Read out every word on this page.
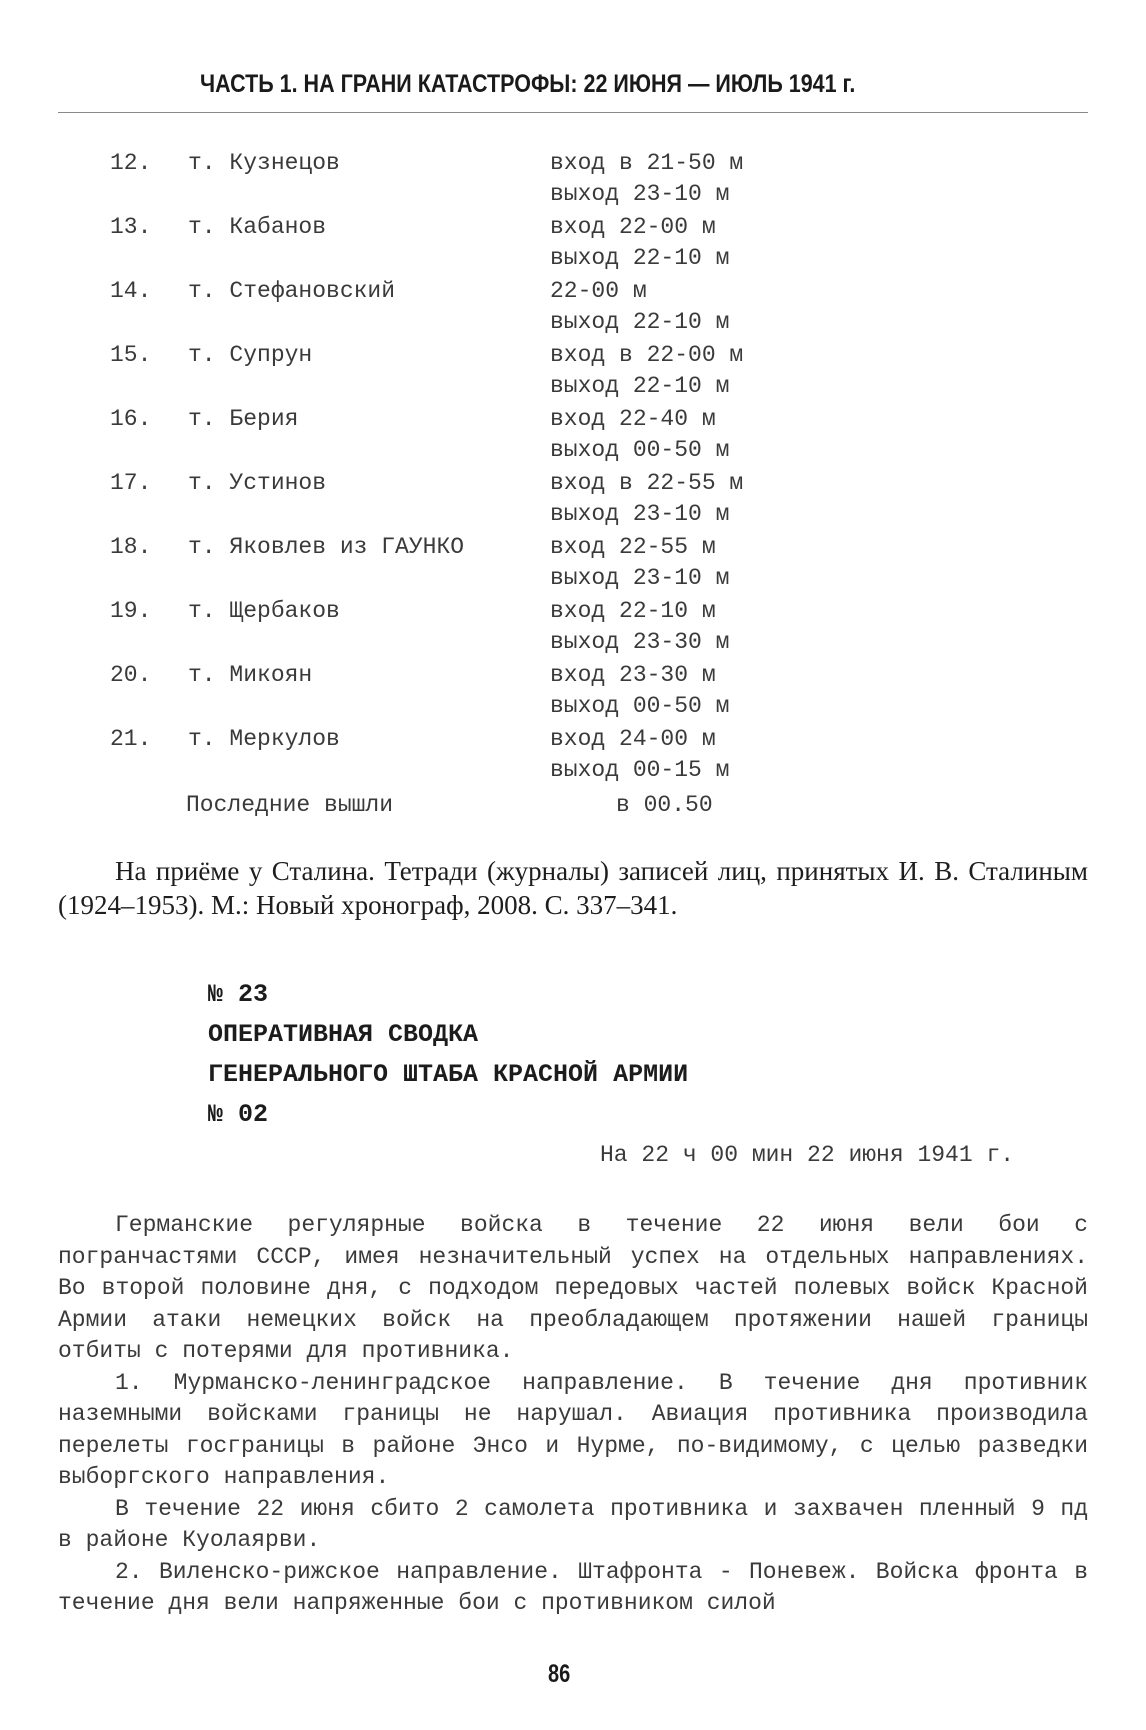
ЧАСТЬ 1. НА ГРАНИ КАТАСТРОФЫ: 22 ИЮНЯ — ИЮЛЬ 1941 г.
12. т. Кузнецов	вход в 21-50 м
выход 23-10 м
13. т. Кабанов	вход 22-00 м
выход 22-10 м
14. т. Стефановский	22-00 м
выход 22-10 м
15. т. Супрун	вход в 22-00 м
выход 22-10 м
16. т. Берия	вход 22-40 м
выход 00-50 м
17. т. Устинов	вход в 22-55 м
выход 23-10 м
18. т. Яковлев из ГАУНКО	вход 22-55 м
выход 23-10 м
19. т. Щербаков	вход 22-10 м
выход 23-30 м
20. т. Микоян	вход 23-30 м
выход 00-50 м
21. т. Меркулов	вход 24-00 м
выход 00-15 м
Последние вышли	в 00.50
На приёме у Сталина. Тетради (журналы) записей лиц, принятых И. В. Сталиным (1924–1953). М.: Новый хронограф, 2008. С. 337–341.
№ 23
ОПЕРАТИВНАЯ СВОДКА
ГЕНЕРАЛЬНОГО ШТАБА КРАСНОЙ АРМИИ
№ 02
На 22 ч 00 мин 22 июня 1941 г.

Германские регулярные войска в течение 22 июня вели бои с погранчастями СССР, имея незначительный успех на отдельных направлениях. Во второй половине дня, с подходом передовых частей полевых войск Красной Армии атаки немецких войск на преобладающем протяжении нашей границы отбиты с потерями для противника.

1. Мурманско-ленинградское направление. В течение дня противник наземными войсками границы не нарушал. Авиация противника производила перелеты госграницы в районе Энсо и Нурме, по-видимому, с целью разведки выборгского направления.

В течение 22 июня сбито 2 самолета противника и захвачен пленный 9 пд в районе Куолаярви.

2. Виленско-рижское направление. Штафронта - Поневеж. Войска фронта в течение дня вели напряженные бои с противником силой

86
